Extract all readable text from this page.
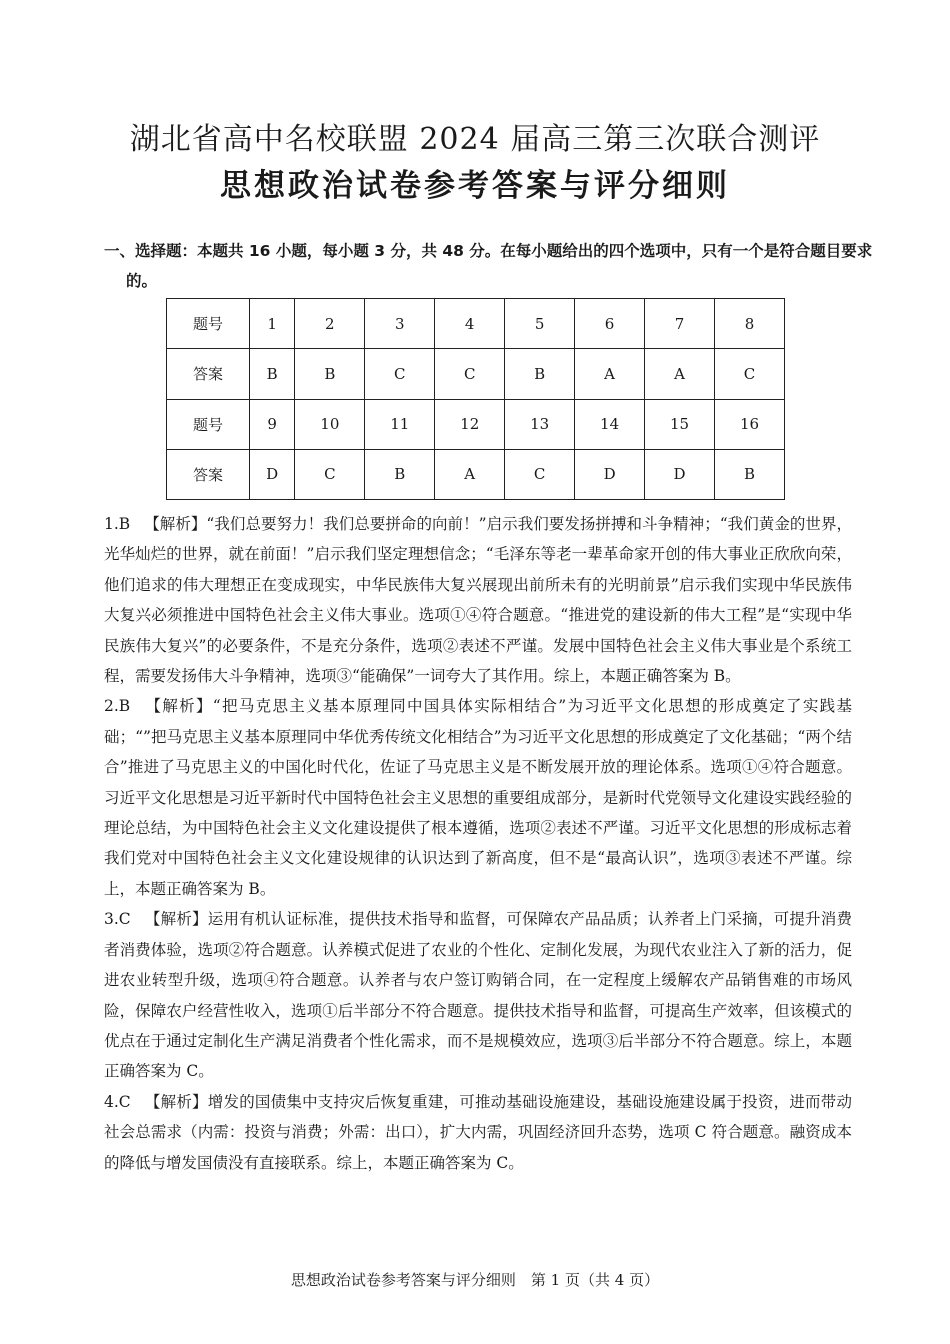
湖北省高中名校联盟 2024 届高三第三次联合测评
思想政治试卷参考答案与评分细则
一、选择题：本题共 16 小题，每小题 3 分，共 48 分。在每小题给出的四个选项中，只有一个是符合题目要求的。
题号	1	2	3	4	5	6	7	8
答案	B	B	C	C	B	A	A	C
题号	9	10	11	12	13	14	15	16
答案	D	C	B	A	C	D	D	B

1.B 【解析】“我们总要努力！我们总要拼命的向前！”启示我们要发扬拼搏和斗争精神；“我们黄金的世界，光华灿烂的世界，就在前面！”启示我们坚定理想信念；“毛泽东等老一辈革命家开创的伟大事业正欣欣向荣，他们追求的伟大理想正在变成现实，中华民族伟大复兴展现出前所未有的光明前景”启示我们实现中华民族伟大复兴必须推进中国特色社会主义伟大事业。选项①④符合题意。“推进党的建设新的伟大工程”是“实现中华民族伟大复兴”的必要条件，不是充分条件，选项②表述不严谨。发展中国特色社会主义伟大事业是个系统工程，需要发扬伟大斗争精神，选项③“能确保”一词夸大了其作用。综上，本题正确答案为 B。

2.B 【解析】“把马克思主义基本原理同中国具体实际相结合”为习近平文化思想的形成奠定了实践基础；“”把马克思主义基本原理同中华优秀传统文化相结合”为习近平文化思想的形成奠定了文化基础；“两个结合”推进了马克思主义的中国化时代化，佐证了马克思主义是不断发展开放的理论体系。选项①④符合题意。习近平文化思想是习近平新时代中国特色社会主义思想的重要组成部分，是新时代党领导文化建设实践经验的理论总结，为中国特色社会主义文化建设提供了根本遵循，选项②表述不严谨。习近平文化思想的形成标志着我们党对中国特色社会主义文化建设规律的认识达到了新高度，但不是“最高认识”，选项③表述不严谨。综上，本题正确答案为 B。

3.C 【解析】运用有机认证标准，提供技术指导和监督，可保障农产品品质；认养者上门采摘，可提升消费者消费体验，选项②符合题意。认养模式促进了农业的个性化、定制化发展，为现代农业注入了新的活力，促进农业转型升级，选项④符合题意。认养者与农户签订购销合同，在一定程度上缓解农产品销售难的市场风险，保障农户经营性收入，选项①后半部分不符合题意。提供技术指导和监督，可提高生产效率，但该模式的优点在于通过定制化生产满足消费者个性化需求，而不是规模效应，选项③后半部分不符合题意。综上，本题正确答案为 C。

4.C 【解析】增发的国债集中支持灾后恢复重建，可推动基础设施建设，基础设施建设属于投资，进而带动社会总需求（内需：投资与消费；外需：出口），扩大内需，巩固经济回升态势，选项 C 符合题意。融资成本的降低与增发国债没有直接联系。综上，本题正确答案为 C。

思想政治试卷参考答案与评分细则　第 1 页（共 4 页）
